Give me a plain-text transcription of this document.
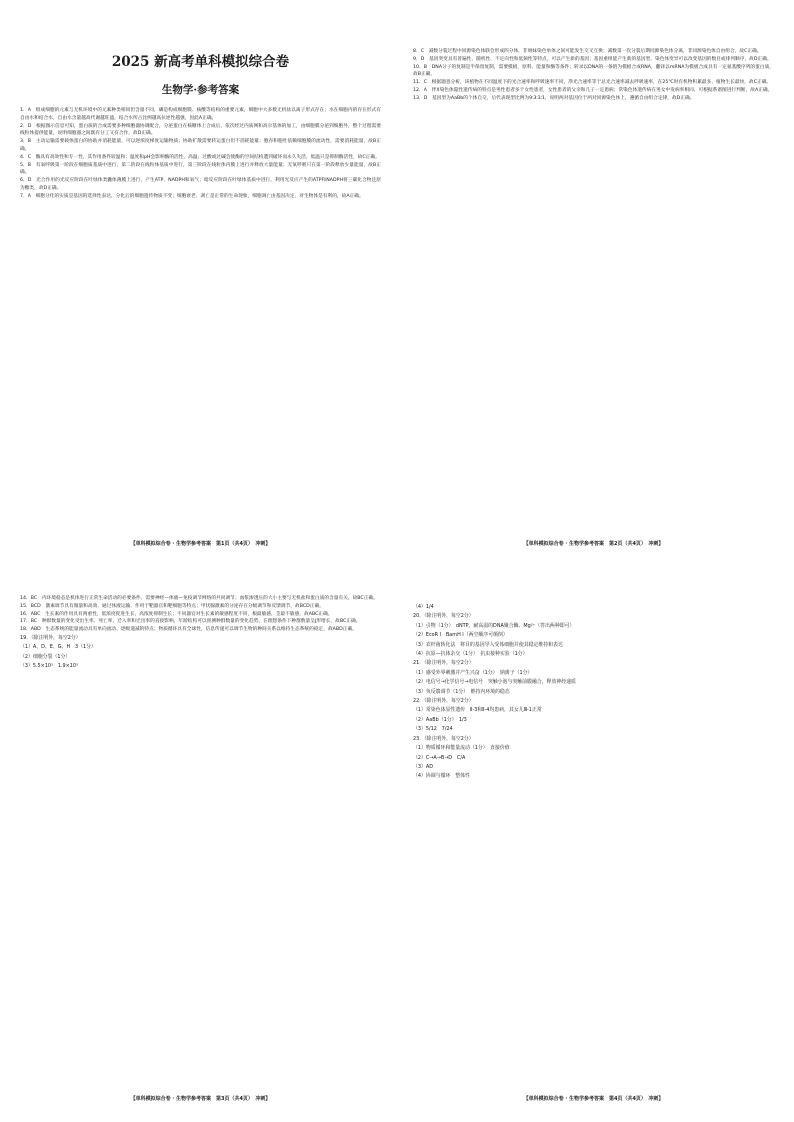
2025 新高考单科模拟综合卷
生物学·参考答案

1．A　组成细胞的元素与无机环境中的元素种类相同但含量不同，磷是构成细胞膜、核酸等结构的重要元素，细胞中大多数无机盐以离子形式存在；水在细胞内的存在形式有自由水和结合水，自由水含量越高代谢越旺盛，结合水所占比例越高抗逆性越强，因此A正确。

2．D　根据图示信息可知，蛋白质的合成需要多种细胞器协调配合，分泌蛋白在核糖体上合成后，依次经过内质网和高尔基体的加工，由细胞膜分泌到细胞外，整个过程需要线粒体提供能量，说明细胞器之间既有分工又有合作，故D正确。

3．B　主动运输需要载体蛋白的协助并消耗能量，可以逆浓度梯度运输物质；协助扩散需要转运蛋白但不消耗能量；胞吞和胞吐依赖细胞膜的流动性，需要消耗能量，故B正确。

4．C　酶具有高效性和专一性，其作用条件较温和；温度和pH会影响酶的活性，高温、过酸或过碱会使酶的空间结构遭到破坏而永久失活，低温只是抑制酶活性，故C正确。

5．B　有氧呼吸第一阶段在细胞质基质中进行，第二阶段在线粒体基质中进行，第三阶段在线粒体内膜上进行并释放大量能量；无氧呼吸只在第一阶段释放少量能量，故B正确。

6．D　光合作用的光反应阶段在叶绿体类囊体薄膜上进行，产生ATP、NADPH和氧气；暗反应阶段在叶绿体基质中进行，利用光反应产生的ATP和NADPH将三碳化合物还原为糖类，故D正确。

7．A　细胞分化的实质是基因的选择性表达，分化后的细胞遗传物质不变；细胞衰老、凋亡是正常的生命现象，细胞凋亡由基因决定，对生物体是有利的，故A正确。

【单科模拟综合卷 · 生物学参考答案　第1页（共4页）　冲刺】

8．C　减数分裂过程中同源染色体联会形成四分体，非姐妹染色单体之间可能发生交叉互换；减数第一次分裂后期同源染色体分离，非同源染色体自由组合，故C正确。

9．D　基因突变具有普遍性、随机性、不定向性和低频性等特点，可以产生新的基因；基因重组能产生新的基因型，染色体变异可以改变基因的数目或排列顺序，故D正确。

10．B　DNA分子的复制是半保留复制，需要模板、原料、能量和酶等条件；转录以DNA的一条链为模板合成RNA，翻译以mRNA为模板合成具有一定氨基酸序列的蛋白质，故B正确。

11．C　根据题意分析，该植物在不同温度下的光合速率和呼吸速率不同，净光合速率等于总光合速率减去呼吸速率，在25℃时有机物积累最多，植物生长最快，故C正确。

12．A　伴X染色体隐性遗传病的特点是男性患者多于女性患者，女性患者的父亲和儿子一定患病；常染色体遗传病在男女中发病率相同，可根据系谱图进行判断，故A正确。

13．D　基因型为AaBb的个体自交，后代表现型比例为9∶3∶3∶1，说明两对基因位于两对同源染色体上，遵循自由组合定律，故D正确。

【单科模拟综合卷 · 生物学参考答案　第2页（共4页）　冲刺】

14．BC　内环境稳态是机体进行正常生命活动的必要条件，需要神经—体液—免疫调节网络的共同调节；血浆渗透压的大小主要与无机盐和蛋白质的含量有关，故BC正确。

15．BCD　激素调节具有微量和高效、通过体液运输、作用于靶器官和靶细胞等特点；甲状腺激素的分泌存在分级调节和反馈调节，故BCD正确。

16．ABC　生长素的作用具有两重性，低浓度促进生长，高浓度抑制生长；不同器官对生长素的敏感程度不同，根最敏感，茎最不敏感，故ABC正确。

17．BC　种群数量的变化受出生率、死亡率、迁入率和迁出率的直接影响，年龄结构可以预测种群数量的变化趋势，在理想条件下种群数量呈J形增长，故BC正确。

18．ABD　生态系统的能量流动具有单向流动、逐级递减的特点；物质循环具有全球性，信息传递可以调节生物的种间关系以维持生态系统的稳定，故ABD正确。

19．（除注明外，每空2分）
（1）A、D、E、G、H　3（1分）
（2）细胞分裂（1分）
（3）5.5×10³　1.9×10³
【单科模拟综合卷 · 生物学参考答案　第3页（共4页）　冲刺】
（4）1/4
20．（除注明外，每空2分）
（1）引物（1分）　dNTP、耐高温的DNA聚合酶、Mg²⁺（答出两种即可）
（2）EcoR Ⅰ　BamH Ⅰ（两空顺序可颠倒）
（3）农杆菌转化法　将目的基因导入受体细胞并使其稳定维持和表达
（4）抗原—抗体杂交（1分）　抗虫接种实验（1分）
21．（除注明外，每空2分）
（1）感受外界刺激并产生兴奋（1分）　钠离子（1分）
（2）电信号→化学信号→电信号　突触小泡与突触前膜融合，释放神经递质
（3）负反馈调节（1分）　维持内环境的稳态
22．（除注明外，每空2分）
（1）常染色体显性遗传　Ⅱ-3和Ⅱ-4均患病，其女儿Ⅲ-1正常
（2）AaBb（1分）　1/3
（3）5/12　7/24
23．（除注明外，每空2分）
（1）物质循环和能量流动（1分）　直接价值
（2）C→A→B→D　C/A
（3）AD
（4）协调与循环　整体性
【单科模拟综合卷 · 生物学参考答案　第4页（共4页）　冲刺】
